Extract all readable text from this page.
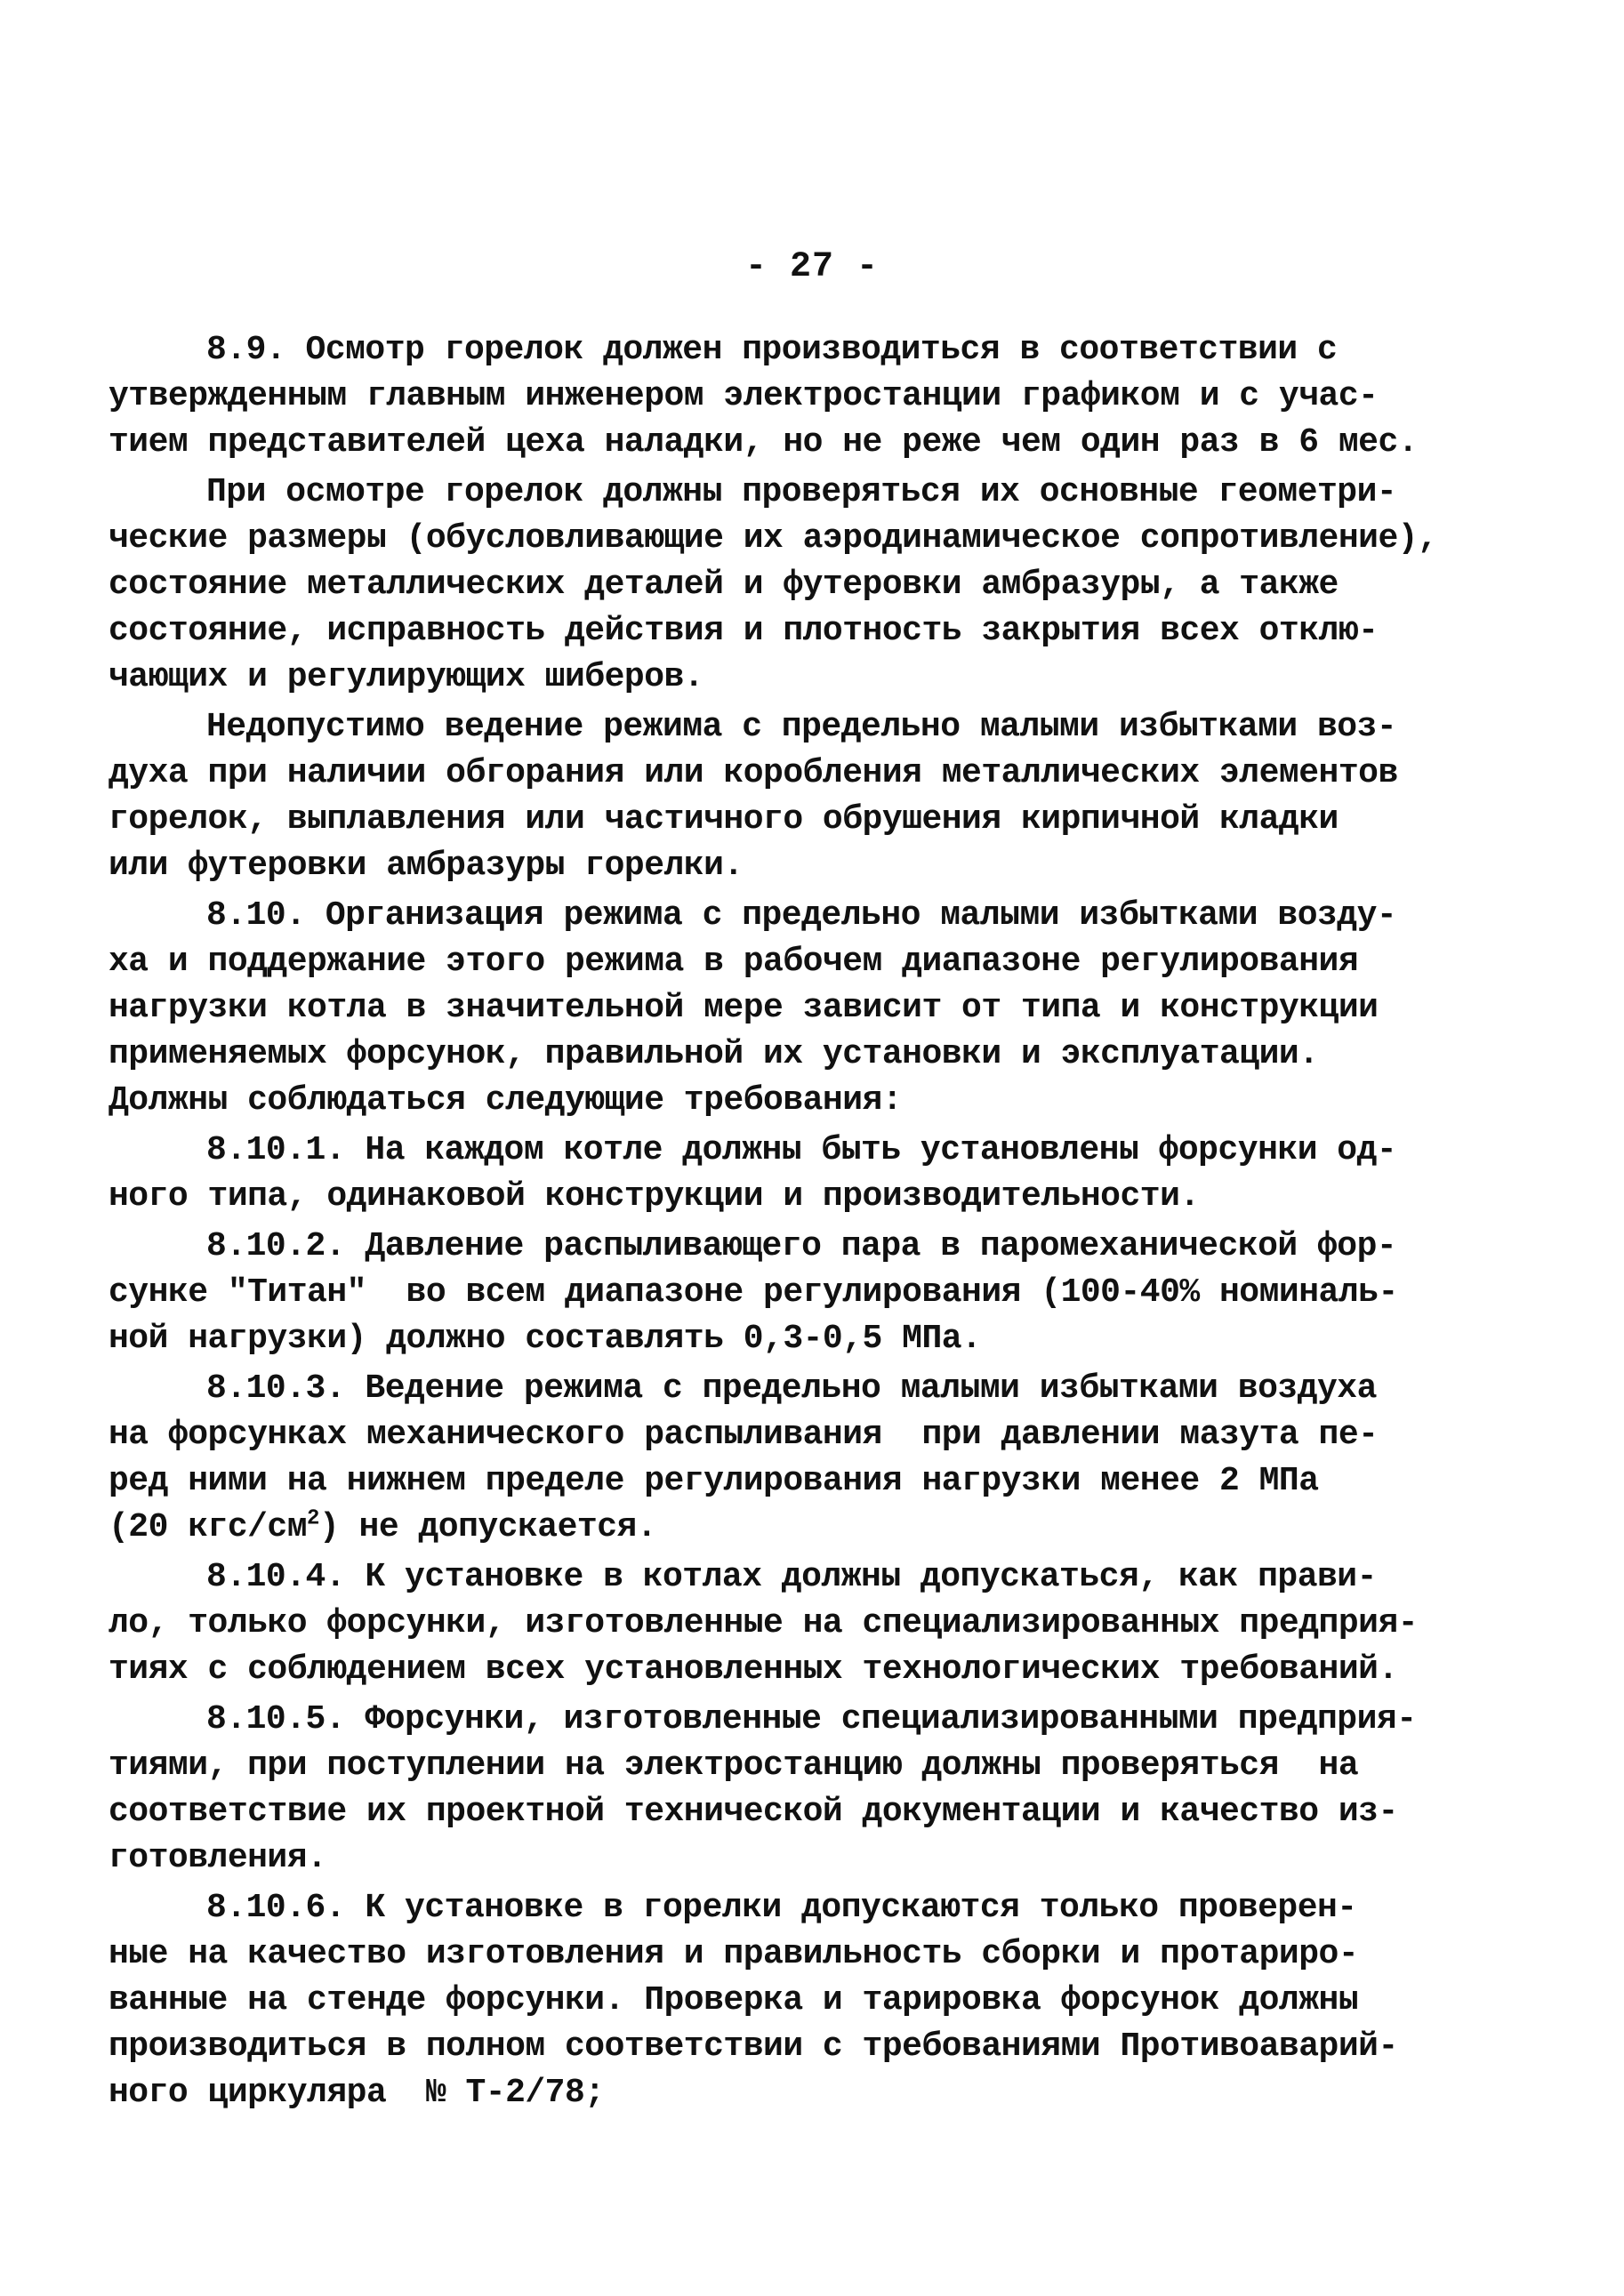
- 27 -
8.9. Осмотр горелок должен производиться в соответствии с
утвержденным главным инженером электростанции графиком и с учас-
тием представителей цеха наладки, но не реже чем один раз в 6 мес.
При осмотре горелок должны проверяться их основные геометри-
ческие размеры (обусловливающие их аэродинамическое сопротивление),
состояние металлических деталей и футеровки амбразуры, а также
состояние, исправность действия и плотность закрытия всех отклю-
чающих и регулирующих шиберов.
Недопустимо ведение режима с предельно малыми избытками воз-
духа при наличии обгорания или коробления металлических элементов
горелок, выплавления или частичного обрушения кирпичной кладки
или футеровки амбразуры горелки.
8.10. Организация режима с предельно малыми избытками возду-
ха и поддержание этого режима в рабочем диапазоне регулирования
нагрузки котла в значительной мере зависит от типа и конструкции
применяемых форсунок, правильной их установки и эксплуатации.
Должны соблюдаться следующие требования:
8.10.1. На каждом котле должны быть установлены форсунки од-
ного типа, одинаковой конструкции и производительности.
8.10.2. Давление распыливающего пара в паромеханической фор-
сунке "Титан"  во всем диапазоне регулирования (100-40% номиналь-
ной нагрузки) должно составлять 0,3-0,5 МПа.
8.10.3. Ведение режима с предельно малыми избытками воздуха
на форсунках механического распыливания  при давлении мазута пе-
ред ними на нижнем пределе регулирования нагрузки менее 2 МПа
(20 кгс/$см^2$) не допускается.
8.10.4. К установке в котлах должны допускаться, как прави-
ло, только форсунки, изготовленные на специализированных предприя-
тиях с соблюдением всех установленных технологических требований.
8.10.5. Форсунки, изготовленные специализированными предприя-
тиями, при поступлении на электростанцию должны проверяться  на
соответствие их проектной технической документации и качество из-
готовления.
8.10.6. К установке в горелки допускаются только проверен-
ные на качество изготовления и правильность сборки и протариро-
ванные на стенде форсунки. Проверка и тарировка форсунок должны
производиться в полном соответствии с требованиями Противоаварий-
ного циркуляра  № Т-2/78;
